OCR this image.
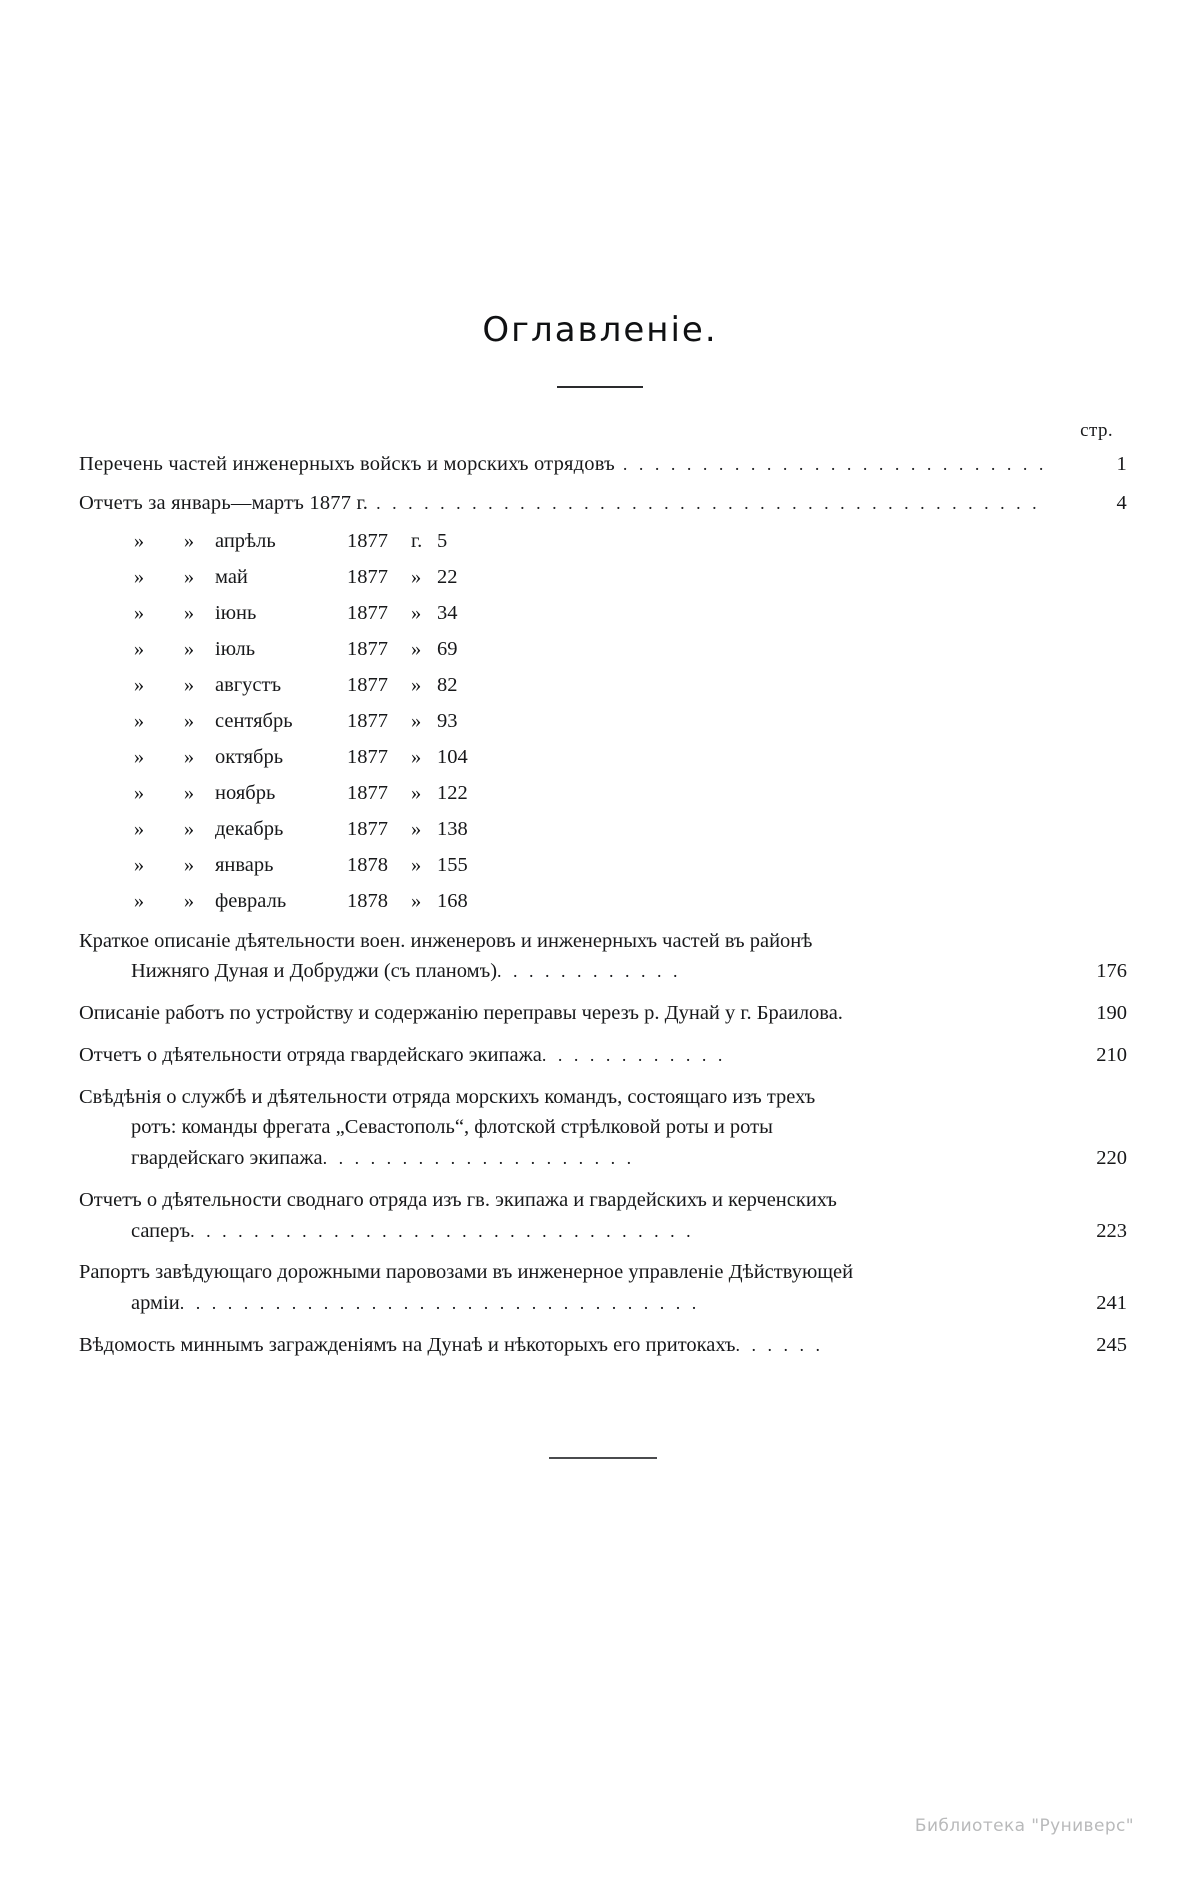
Оглавленіе.
стр.
Перечень частей инженерныхъ войскъ и морскихъ отрядовъ . . .	1
Отчетъ за январь—мартъ 1877 г. . . .	4
»	»	апрѣль	1877	г. 5
»	»	май	1877	» 22
»	»	іюнь	1877	» 34
»	»	іюль	1877	» 69
»	»	августъ	1877	» 82
»	»	сентябрь	1877	» 93
»	»	октябрь	1877	» 104
»	»	ноябрь	1877	» 122
»	»	декабрь	1877	» 138
»	»	январь	1878	» 155
»	»	февраль	1878	» 168
Краткое описаніе дѣятельности воен. инженеровъ и инженерныхъ частей въ районѣ
Нижняго Дуная и Добруджи (съ планомъ). . . . . . . . . . . .	176
Описаніе работъ по устройству и содержанію переправы черезъ р. Дунай у г. Браилова.	190
Отчетъ о дѣятельности отряда гвардейскаго экипажа. . . . . . . . . . . .	210
Свѣдѣнія о службѣ и дѣятельности отряда морскихъ командъ, состоящаго изъ трехъ
ротъ: команды фрегата „Севастополь“, флотской стрѣлковой роты и роты
гвардейскаго экипажа. . . . . . . . . . . . . . . . . . . .	220
Отчетъ о дѣятельности своднаго отряда изъ гв. экипажа и гвардейскихъ и керченскихъ
саперъ. . . . . . . . . . . . . . . . . . . . . . . . . . . . . . . .	223
Рапортъ завѣдующаго дорожными паровозами въ инженерное управленіе Дѣйствующей
арміи. . . . . . . . . . . . . . . . . . . . . . . . . . . . . . . . .	241
Вѣдомость миннымъ загражденіямъ на Дунаѣ и нѣкоторыхъ его притокахъ. . . . . .	245
Библиотека "Руниверс"
